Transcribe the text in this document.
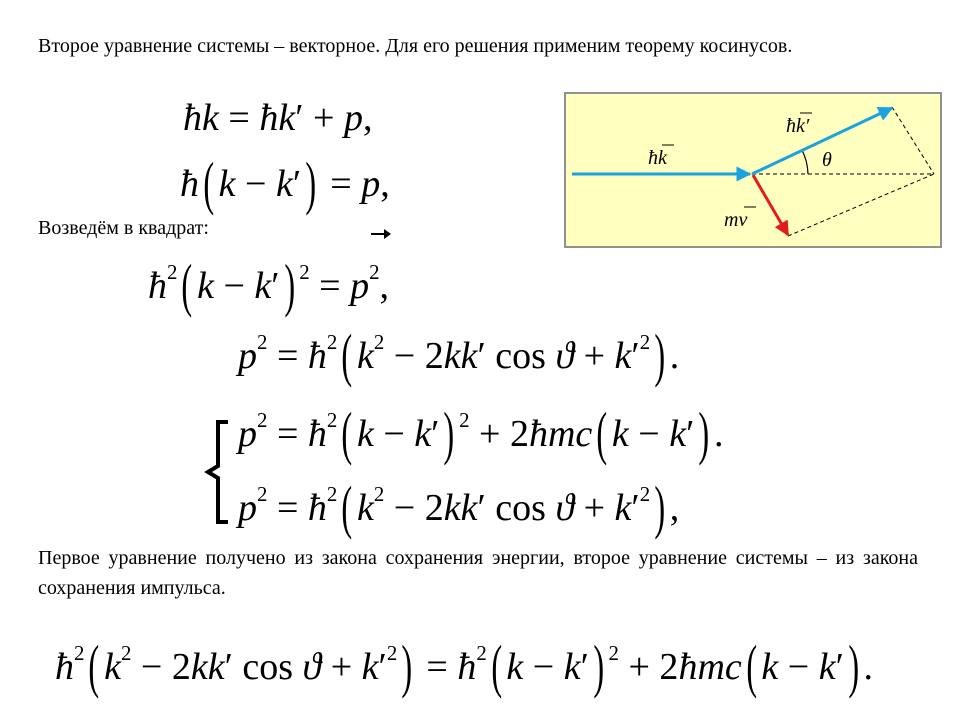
Второе уравнение системы – векторное. Для его решения применим теорему косинусов.
Возведём в квадрат:
Первое уравнение получено из закона сохранения энергии, второе уравнение системы – из закона сохранения импульса.
ħk = ħk′ + p,
ħ( k − k′) = p,
$ħ^2$( k − k′) $^2 = p^2$,
$p^2$ = $ħ^2$( $k^2 - 2kk'$ $\cos ϑ + k'^2$) .
$p^2$ = $ħ^2$( k − k′) $^2$ + 2ħmc( k − k′) .
$p^2$ = $ħ^2$( $k^2 - 2kk'$ $\cos ϑ + k'^2$) ,
$ħ^2$( $k^2 - 2kk'$ $\cos ϑ + k'^2$) = $ħ^2$( k − k′) $^2$ + 2ħmc( k − k′) .
ħk
ħk′
θ
mv
